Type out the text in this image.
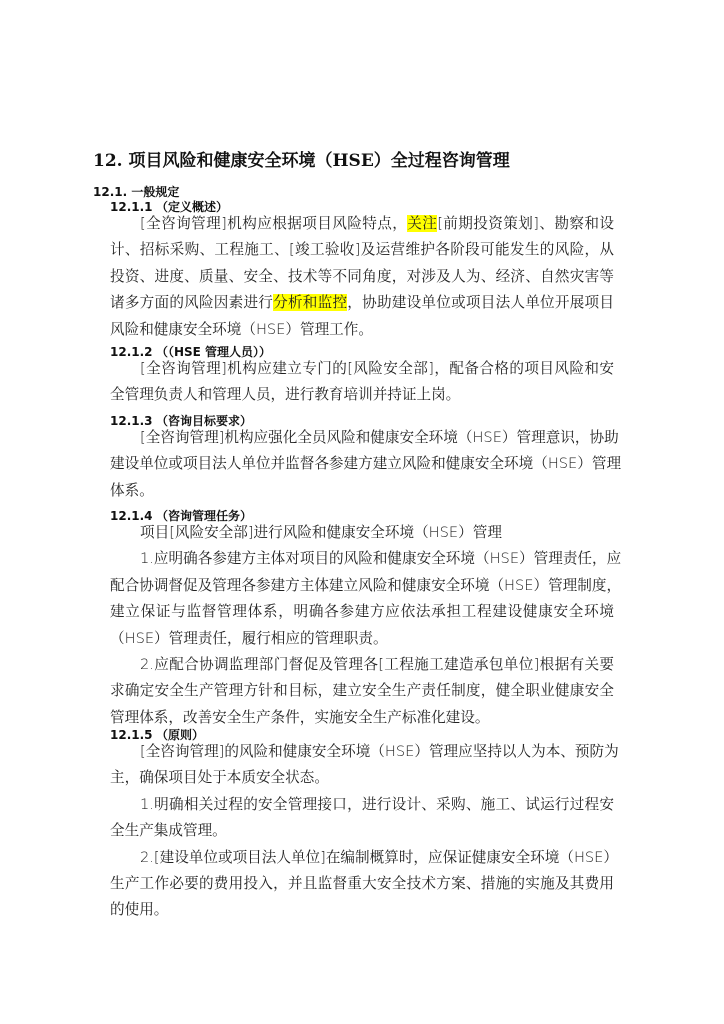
12. 项目风险和健康安全环境（HSE）全过程咨询管理
12.1. 一般规定
12.1.1 （定义概述）
[全咨询管理]机构应根据项目风险特点，关注[前期投资策划]、勘察和设
计、招标采购、工程施工、[竣工验收]及运营维护各阶段可能发生的风险，从
投资、进度、质量、安全、技术等不同角度，对涉及人为、经济、自然灾害等
诸多方面的风险因素进行分析和监控，协助建设单位或项目法人单位开展项目
风险和健康安全环境（HSE）管理工作。
12.1.2 （（HSE 管理人员））
[全咨询管理]机构应建立专门的[风险安全部]，配备合格的项目风险和安
全管理负责人和管理人员，进行教育培训并持证上岗。
12.1.3 （咨询目标要求）
[全咨询管理]机构应强化全员风险和健康安全环境（HSE）管理意识，协助
建设单位或项目法人单位并监督各参建方建立风险和健康安全环境（HSE）管理
体系。
12.1.4 （咨询管理任务）
项目[风险安全部]进行风险和健康安全环境（HSE）管理
1.应明确各参建方主体对项目的风险和健康安全环境（HSE）管理责任，应
配合协调督促及管理各参建方主体建立风险和健康安全环境（HSE）管理制度，
建立保证与监督管理体系，明确各参建方应依法承担工程建设健康安全环境
（HSE）管理责任，履行相应的管理职责。
2.应配合协调监理部门督促及管理各[工程施工建造承包单位]根据有关要
求确定安全生产管理方针和目标，建立安全生产责任制度，健全职业健康安全
管理体系，改善安全生产条件，实施安全生产标准化建设。
12.1.5 （原则）
[全咨询管理]的风险和健康安全环境（HSE）管理应坚持以人为本、预防为
主，确保项目处于本质安全状态。
1.明确相关过程的安全管理接口，进行设计、采购、施工、试运行过程安
全生产集成管理。
2.[建设单位或项目法人单位]在编制概算时，应保证健康安全环境（HSE）
生产工作必要的费用投入，并且监督重大安全技术方案、措施的实施及其费用
的使用。
